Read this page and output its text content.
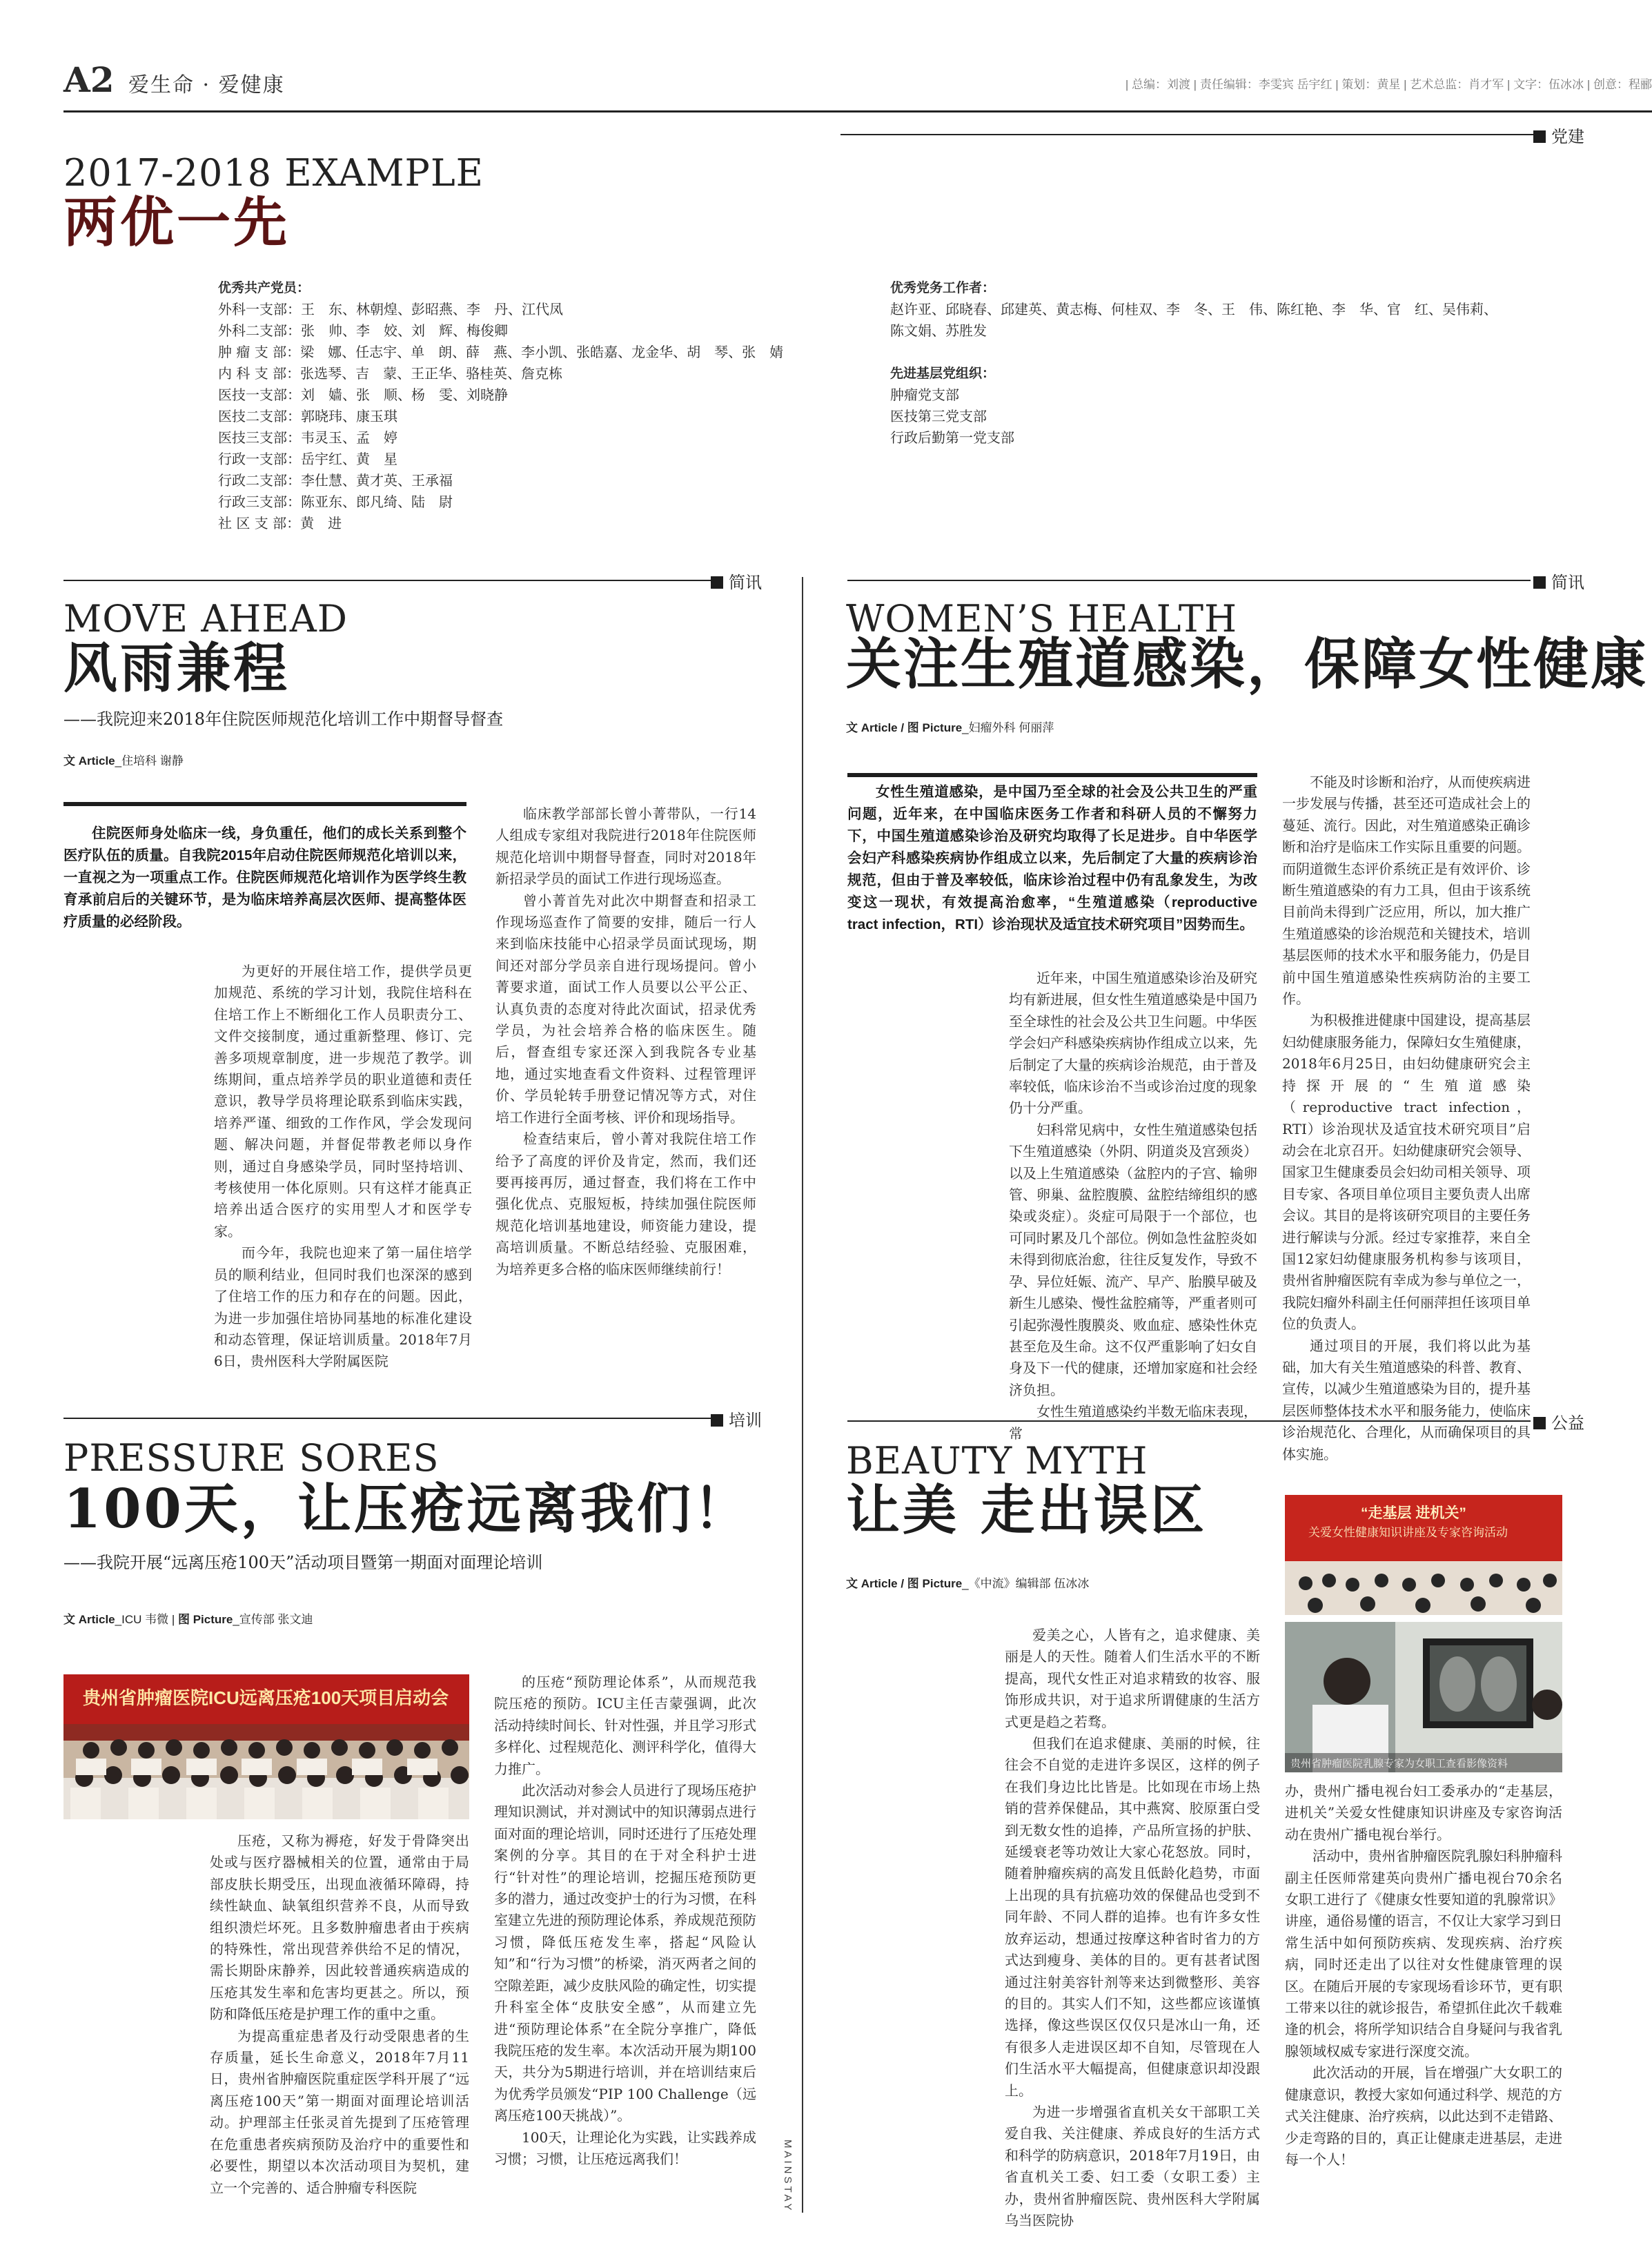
A2 爱生命 · 爱健康	| 总编：刘渡 | 责任编辑：李雯宾 岳宇红 | 策划：黄星 | 艺术总监：肖才军 | 文字：伍冰冰 | 创意：程郦
党建
2017-2018 EXAMPLE
两优一先
优秀共产党员：
外科一支部：王　东、林朝煌、彭昭燕、李　丹、江代凤
外科二支部：张　帅、李　姣、刘　辉、梅俊卿
肿 瘤 支 部：梁　娜、任志宇、单　朗、薛　燕、李小凯、张皓嘉、龙金华、胡　琴、张　婧
内 科 支 部：张选琴、吉　蒙、王正华、骆桂英、詹克栋
医技一支部：刘　嫱、张　顺、杨　雯、刘晓静
医技二支部：郭晓玮、康玉琪
医技三支部：韦灵玉、孟　婷
行政一支部：岳宇红、黄　星
行政二支部：李仕慧、黄才英、王承福
行政三支部：陈亚东、郎凡绮、陆　尉
社 区 支 部：黄　进
优秀党务工作者：
赵许亚、邱晓春、邱建英、黄志梅、何桂双、李　冬、王　伟、陈红艳、李　华、官　红、吴伟莉、
陈文娟、苏胜发
先进基层党组织：
肿瘤党支部
医技第三党支部
行政后勤第一党支部
MAINSTAY
简讯
MOVE AHEAD
风雨兼程
——我院迎来2018年住院医师规范化培训工作中期督导督查
文 Article_住培科 谢静

住院医师身处临床一线，身负重任，他们的成长关系到整个医疗队伍的质量。自我院2015年启动住院医师规范化培训以来，一直视之为一项重点工作。住院医师规范化培训作为医学终生教育承前启后的关键环节，是为临床培养高层次医师、提高整体医疗质量的必经阶段。

为更好的开展住培工作，提供学员更加规范、系统的学习计划，我院住培科在住培工作上不断细化工作人员职责分工、文件交接制度，通过重新整理、修订、完善多项规章制度，进一步规范了教学。训练期间，重点培养学员的职业道德和责任意识，教导学员将理论联系到临床实践，培养严谨、细致的工作作风，学会发现问题、解决问题，并督促带教老师以身作则，通过自身感染学员，同时坚持培训、考核使用一体化原则。只有这样才能真正培养出适合医疗的实用型人才和医学专家。

而今年，我院也迎来了第一届住培学员的顺利结业，但同时我们也深深的感到了住培工作的压力和存在的问题。因此，为进一步加强住培协同基地的标准化建设和动态管理，保证培训质量。2018年7月6日，贵州医科大学附属医院

临床教学部部长曾小菁带队，一行14人组成专家组对我院进行2018年住院医师规范化培训中期督导督查，同时对2018年新招录学员的面试工作进行现场巡查。

曾小菁首先对此次中期督查和招录工作现场巡查作了简要的安排，随后一行人来到临床技能中心招录学员面试现场，期间还对部分学员亲自进行现场提问。曾小菁要求道，面试工作人员要以公平公正、认真负责的态度对待此次面试，招录优秀学员，为社会培养合格的临床医生。随后，督查组专家还深入到我院各专业基地，通过实地查看文件资料、过程管理评价、学员轮转手册登记情况等方式，对住培工作进行全面考核、评价和现场指导。

检查结束后，曾小菁对我院住培工作给予了高度的评价及肯定，然而，我们还要再接再厉，通过督查，我们将在工作中强化优点、克服短板，持续加强住院医师规范化培训基地建设，师资能力建设，提高培训质量。不断总结经验、克服困难，为培养更多合格的临床医师继续前行！

简讯
WOMEN’S HEALTH
关注生殖道感染，保障女性健康
文 Article / 图 Picture_妇瘤外科 何丽萍

女性生殖道感染，是中国乃至全球的社会及公共卫生的严重问题，近年来，在中国临床医务工作者和科研人员的不懈努力下，中国生殖道感染诊治及研究均取得了长足进步。自中华医学会妇产科感染疾病协作组成立以来，先后制定了大量的疾病诊治规范，但由于普及率较低，临床诊治过程中仍有乱象发生，为改变这一现状，有效提高治愈率，“生殖道感染（reproductive tract infection，RTI）诊治现状及适宜技术研究项目”因势而生。

近年来，中国生殖道感染诊治及研究均有新进展，但女性生殖道感染是中国乃至全球性的社会及公共卫生问题。中华医学会妇产科感染疾病协作组成立以来，先后制定了大量的疾病诊治规范，由于普及率较低，临床诊治不当或诊治过度的现象仍十分严重。

妇科常见病中，女性生殖道感染包括下生殖道感染（外阴、阴道炎及宫颈炎）以及上生殖道感染（盆腔内的子宫、输卵管、卵巢、盆腔腹膜、盆腔结缔组织的感染或炎症）。炎症可局限于一个部位，也可同时累及几个部位。例如急性盆腔炎如未得到彻底治愈，往往反复发作，导致不孕、异位妊娠、流产、早产、胎膜早破及新生儿感染、慢性盆腔痛等，严重者则可引起弥漫性腹膜炎、败血症、感染性休克甚至危及生命。这不仅严重影响了妇女自身及下一代的健康，还增加家庭和社会经济负担。

女性生殖道感染约半数无临床表现，常

不能及时诊断和治疗，从而使疾病进一步发展与传播，甚至还可造成社会上的蔓延、流行。因此，对生殖道感染正确诊断和治疗是临床工作实际且重要的问题。而阴道微生态评价系统正是有效评价、诊断生殖道感染的有力工具，但由于该系统目前尚未得到广泛应用，所以，加大推广生殖道感染的诊治规范和关键技术，培训基层医师的技术水平和服务能力，仍是目前中国生殖道感染性疾病防治的主要工作。

为积极推进健康中国建设，提高基层妇幼健康服务能力，保障妇女生殖健康，2018年6月25日，由妇幼健康研究会主持探开展的“生殖道感染（reproductive tract infection，RTI）诊治现状及适宜技术研究项目”启动会在北京召开。妇幼健康研究会领导、国家卫生健康委员会妇幼司相关领导、项目专家、各项目单位项目主要负责人出席会议。其目的是将该研究项目的主要任务进行解读与分派。经过专家推荐，来自全国12家妇幼健康服务机构参与该项目，贵州省肿瘤医院有幸成为参与单位之一，我院妇瘤外科副主任何丽萍担任该项目单位的负责人。

通过项目的开展，我们将以此为基础，加大有关生殖道感染的科普、教育、宣传，以减少生殖道感染为目的，提升基层医师整体技术水平和服务能力，使临床诊治规范化、合理化，从而确保项目的具体实施。

培训
PRESSURE SORES
100天，让压疮远离我们！
——我院开展“远离压疮100天”活动项目暨第一期面对面理论培训
文 Article_ICU 韦微 | 图 Picture_宣传部 张文迪
贵州省肿瘤医院ICU远离压疮100天项目启动会

压疮，又称为褥疮，好发于骨降突出处或与医疗器械相关的位置，通常由于局部皮肤长期受压，出现血液循环障碍，持续性缺血、缺氧组织营养不良，从而导致组织溃烂坏死。且多数肿瘤患者由于疾病的特殊性，常出现营养供给不足的情况，需长期卧床静养，因此较普通疾病造成的压疮其发生率和危害均更甚之。所以，预防和降低压疮是护理工作的重中之重。

为提高重症患者及行动受限患者的生存质量，延长生命意义，2018年7月11日，贵州省肿瘤医院重症医学科开展了“远离压疮100天”第一期面对面理论培训活动。护理部主任张灵首先提到了压疮管理在危重患者疾病预防及治疗中的重要性和必要性，期望以本次活动项目为契机，建立一个完善的、适合肿瘤专科医院

的压疮“预防理论体系”，从而规范我院压疮的预防。ICU主任吉蒙强调，此次活动持续时间长、针对性强，并且学习形式多样化、过程规范化、测评科学化，值得大力推广。

此次活动对参会人员进行了现场压疮护理知识测试，并对测试中的知识薄弱点进行面对面的理论培训，同时还进行了压疮处理案例的分享。其目的在于对全科护士进行“针对性”的理论培训，挖掘压疮预防更多的潜力，通过改变护士的行为习惯，在科室建立先进的预防理论体系，养成规范预防习惯，降低压疮发生率，搭起“风险认知”和“行为习惯”的桥梁，消灭两者之间的空隙差距，减少皮肤风险的确定性，切实提升科室全体“皮肤安全感”，从而建立先进“预防理论体系”在全院分享推广，降低我院压疮的发生率。本次活动开展为期100天，共分为5期进行培训，并在培训结束后为优秀学员颁发“PIP 100 Challenge（远离压疮100天挑战）”。

100天，让理论化为实践，让实践养成习惯；习惯，让压疮远离我们！

公益
BEAUTY MYTH
让美 走出误区
文 Article / 图 Picture_《中流》编辑部 伍冰冰
“走基层 进机关”
关爱女性健康知识讲座及专家咨询活动
贵州省肿瘤医院乳腺专家为女职工查看影像资料

爱美之心，人皆有之，追求健康、美丽是人的天性。随着人们生活水平的不断提高，现代女性正对追求精致的妆容、服饰形成共识，对于追求所谓健康的生活方式更是趋之若骛。

但我们在追求健康、美丽的时候，往往会不自觉的走进许多误区，这样的例子在我们身边比比皆是。比如现在市场上热销的营养保健品，其中燕窝、胶原蛋白受到无数女性的追捧，产品所宣扬的护肤、延缓衰老等功效让大家心花怒放。同时，随着肿瘤疾病的高发且低龄化趋势，市面上出现的具有抗癌功效的保健品也受到不同年龄、不同人群的追捧。也有许多女性放弃运动，想通过按摩这种省时省力的方式达到瘦身、美体的目的。更有甚者试图通过注射美容针剂等来达到微整形、美容的目的。其实人们不知，这些都应该谨慎选择，像这些误区仅仅只是冰山一角，还有很多人走进误区却不自知，尽管现在人们生活水平大幅提高，但健康意识却没跟上。

为进一步增强省直机关女干部职工关爱自我、关注健康、养成良好的生活方式和科学的防病意识，2018年7月19日，由省直机关工委、妇工委（女职工委）主办，贵州省肿瘤医院、贵州医科大学附属乌当医院协

办，贵州广播电视台妇工委承办的“走基层，进机关”关爱女性健康知识讲座及专家咨询活动在贵州广播电视台举行。

活动中，贵州省肿瘤医院乳腺妇科肿瘤科副主任医师常建英向贵州广播电视台70余名女职工进行了《健康女性要知道的乳腺常识》讲座，通俗易懂的语言，不仅让大家学习到日常生活中如何预防疾病、发现疾病、治疗疾病，同时还走出了以往对女性健康管理的误区。在随后开展的专家现场看诊环节，更有职工带来以往的就诊报告，希望抓住此次千载难逢的机会，将所学知识结合自身疑问与我省乳腺领域权威专家进行深度交流。

此次活动的开展，旨在增强广大女职工的健康意识，教授大家如何通过科学、规范的方式关注健康、治疗疾病，以此达到不走错路、少走弯路的目的，真正让健康走进基层，走进每一个人！
